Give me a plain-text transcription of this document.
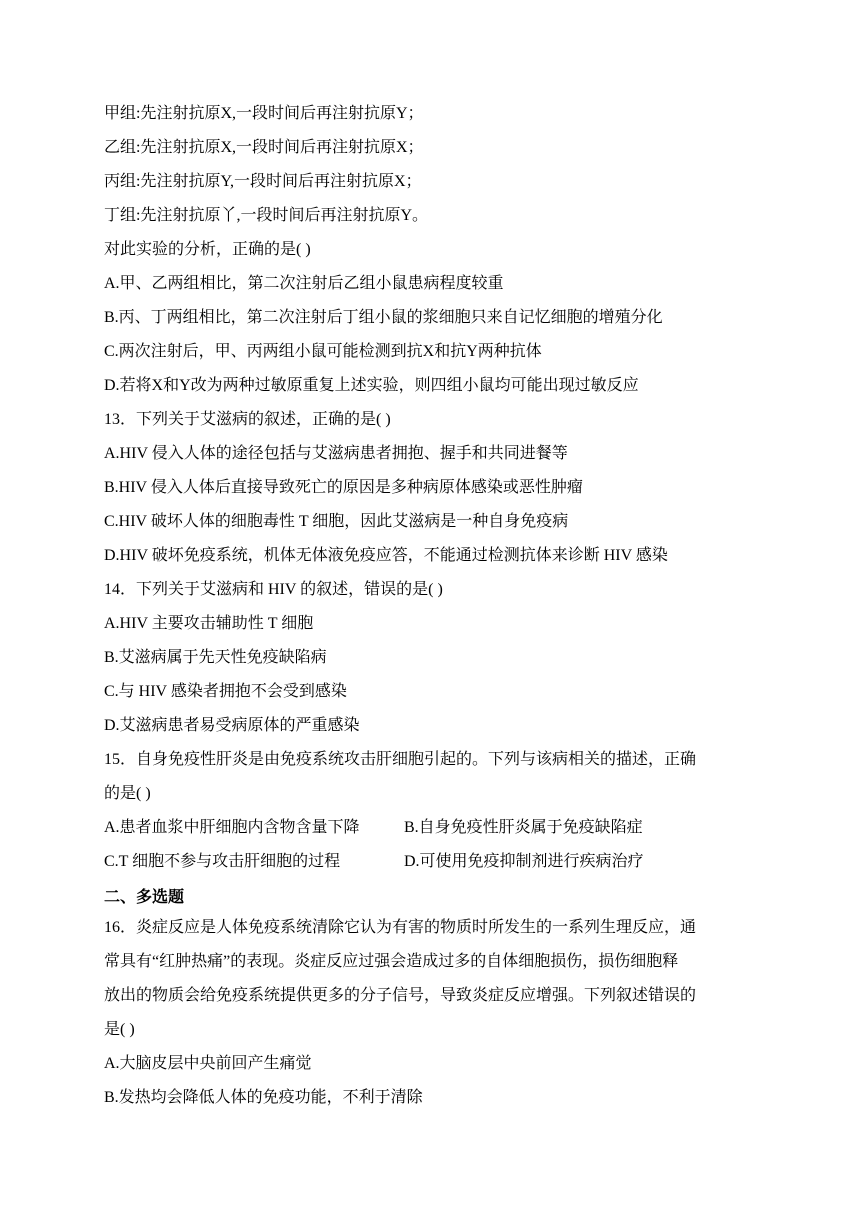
甲组:先注射抗原X,一段时间后再注射抗原Y；
乙组:先注射抗原X,一段时间后再注射抗原X；
丙组:先注射抗原Y,一段时间后再注射抗原X；
丁组:先注射抗原丫,一段时间后再注射抗原Y。
对此实验的分析，正确的是( )
A.甲、乙两组相比，第二次注射后乙组小鼠患病程度较重
B.丙、丁两组相比，第二次注射后丁组小鼠的浆细胞只来自记忆细胞的增殖分化
C.两次注射后，甲、丙两组小鼠可能检测到抗X和抗Y两种抗体
D.若将X和Y改为两种过敏原重复上述实验，则四组小鼠均可能出现过敏反应
13．下列关于艾滋病的叙述，正确的是( )
A.HIV 侵入人体的途径包括与艾滋病患者拥抱、握手和共同进餐等
B.HIV 侵入人体后直接导致死亡的原因是多种病原体感染或恶性肿瘤
C.HIV 破坏人体的细胞毒性 T 细胞，因此艾滋病是一种自身免疫病
D.HIV 破坏免疫系统，机体无体液免疫应答，不能通过检测抗体来诊断 HIV 感染
14．下列关于艾滋病和 HIV 的叙述，错误的是( )
A.HIV 主要攻击辅助性 T 细胞
B.艾滋病属于先天性免疫缺陷病
C.与 HIV 感染者拥抱不会受到感染
D.艾滋病患者易受病原体的严重感染
15．自身免疫性肝炎是由免疫系统攻击肝细胞引起的。下列与该病相关的描述，正确
的是( )
A.患者血浆中肝细胞内含物含量下降	B.自身免疫性肝炎属于免疫缺陷症
C.T 细胞不参与攻击肝细胞的过程	D.可使用免疫抑制剂进行疾病治疗
二、多选题
16．炎症反应是人体免疫系统清除它认为有害的物质时所发生的一系列生理反应，通
常具有“红肿热痛”的表现。炎症反应过强会造成过多的自体细胞损伤，损伤细胞释
放出的物质会给免疫系统提供更多的分子信号，导致炎症反应增强。下列叙述错误的
是( )
A.大脑皮层中央前回产生痛觉
B.发热均会降低人体的免疫功能，不利于清除
